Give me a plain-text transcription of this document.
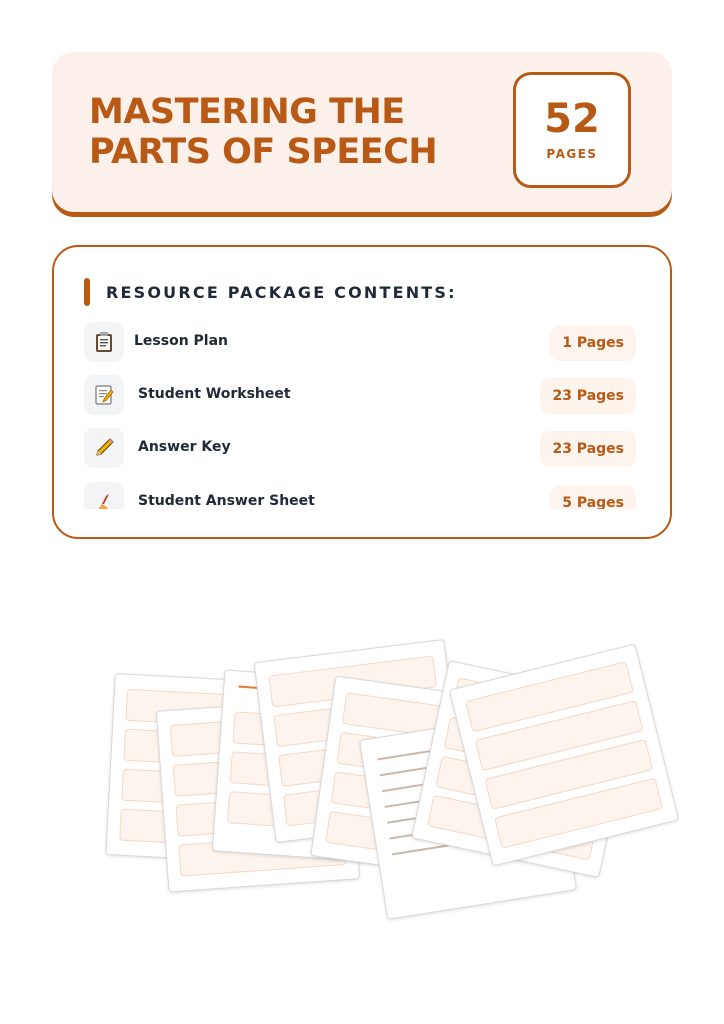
MASTERING THE
PARTS OF SPEECH
52
PAGES
RESOURCE PACKAGE CONTENTS:
Lesson Plan	1 Pages
Student Worksheet	23 Pages
Answer Key	23 Pages
Student Answer Sheet	5 Pages
